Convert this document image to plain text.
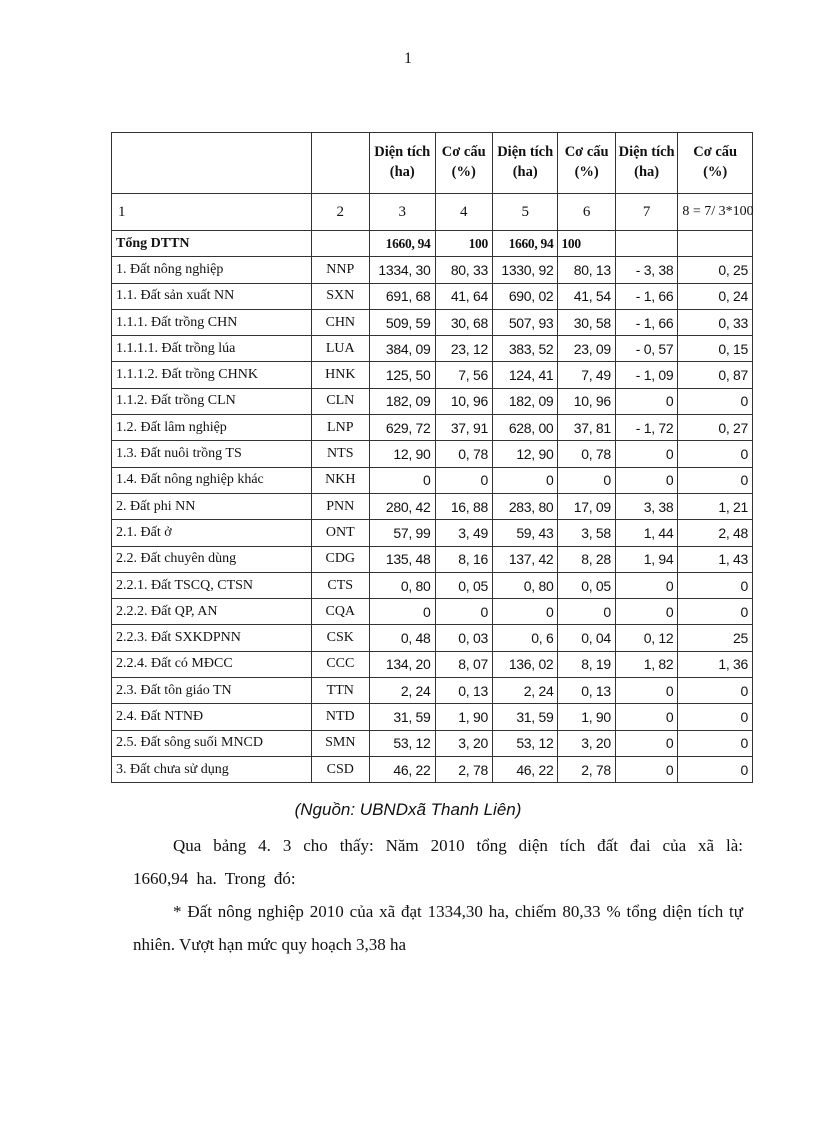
1
		Diện tích (ha)	Cơ cấu (%)	Diện tích (ha)	Cơ cấu (%)	Diện tích (ha)	Cơ cấu (%)
1	2	3	4	5	6	7	8 = 7/ 3*100
Tổng DTTN		1660, 94	100	1660, 94	100		
1. Đất nông nghiệp	NNP	1334, 30	80, 33	1330, 92	80, 13	- 3, 38	0, 25
1.1. Đất sản xuất NN	SXN	691, 68	41, 64	690, 02	41, 54	- 1, 66	0, 24
1.1.1. Đất trồng CHN	CHN	509, 59	30, 68	507, 93	30, 58	- 1, 66	0, 33
1.1.1.1. Đất trồng lúa	LUA	384, 09	23, 12	383, 52	23, 09	- 0, 57	0, 15
1.1.1.2. Đất trồng CHNK	HNK	125, 50	7, 56	124, 41	7, 49	- 1, 09	0, 87
1.1.2. Đất trồng CLN	CLN	182, 09	10, 96	182, 09	10, 96	0	0
1.2. Đất lâm nghiệp	LNP	629, 72	37, 91	628, 00	37, 81	- 1, 72	0, 27
1.3. Đất nuôi trồng TS	NTS	12, 90	0, 78	12, 90	0, 78	0	0
1.4. Đất nông nghiệp khác	NKH	0	0	0	0	0	0
2. Đất phi NN	PNN	280, 42	16, 88	283, 80	17, 09	3, 38	1, 21
2.1. Đất ở	ONT	57, 99	3, 49	59, 43	3, 58	1, 44	2, 48
2.2. Đất chuyên dùng	CDG	135, 48	8, 16	137, 42	8, 28	1, 94	1, 43
2.2.1. Đất TSCQ, CTSN	CTS	0, 80	0, 05	0, 80	0, 05	0	0
2.2.2. Đất QP, AN	CQA	0	0	0	0	0	0
2.2.3. Đất SXKDPNN	CSK	0, 48	0, 03	0, 6	0, 04	0, 12	25
2.2.4. Đất có MĐCC	CCC	134, 20	8, 07	136, 02	8, 19	1, 82	1, 36
2.3. Đất tôn giáo TN	TTN	2, 24	0, 13	2, 24	0, 13	0	0
2.4. Đất NTNĐ	NTD	31, 59	1, 90	31, 59	1, 90	0	0
2.5. Đất sông suối MNCD	SMN	53, 12	3, 20	53, 12	3, 20	0	0
3. Đất chưa sử dụng	CSD	46, 22	2, 78	46, 22	2, 78	0	0
(Nguồn: UBNDxã Thanh Liên)
Qua bảng 4. 3 cho thấy: Năm 2010 tổng diện tích đất đai của xã là: 1660,94 ha. Trong đó:
* Đất nông nghiệp 2010 của xã đạt 1334,30 ha, chiếm 80,33 % tổng diện tích tự nhiên. Vượt hạn mức quy hoạch 3,38 ha
